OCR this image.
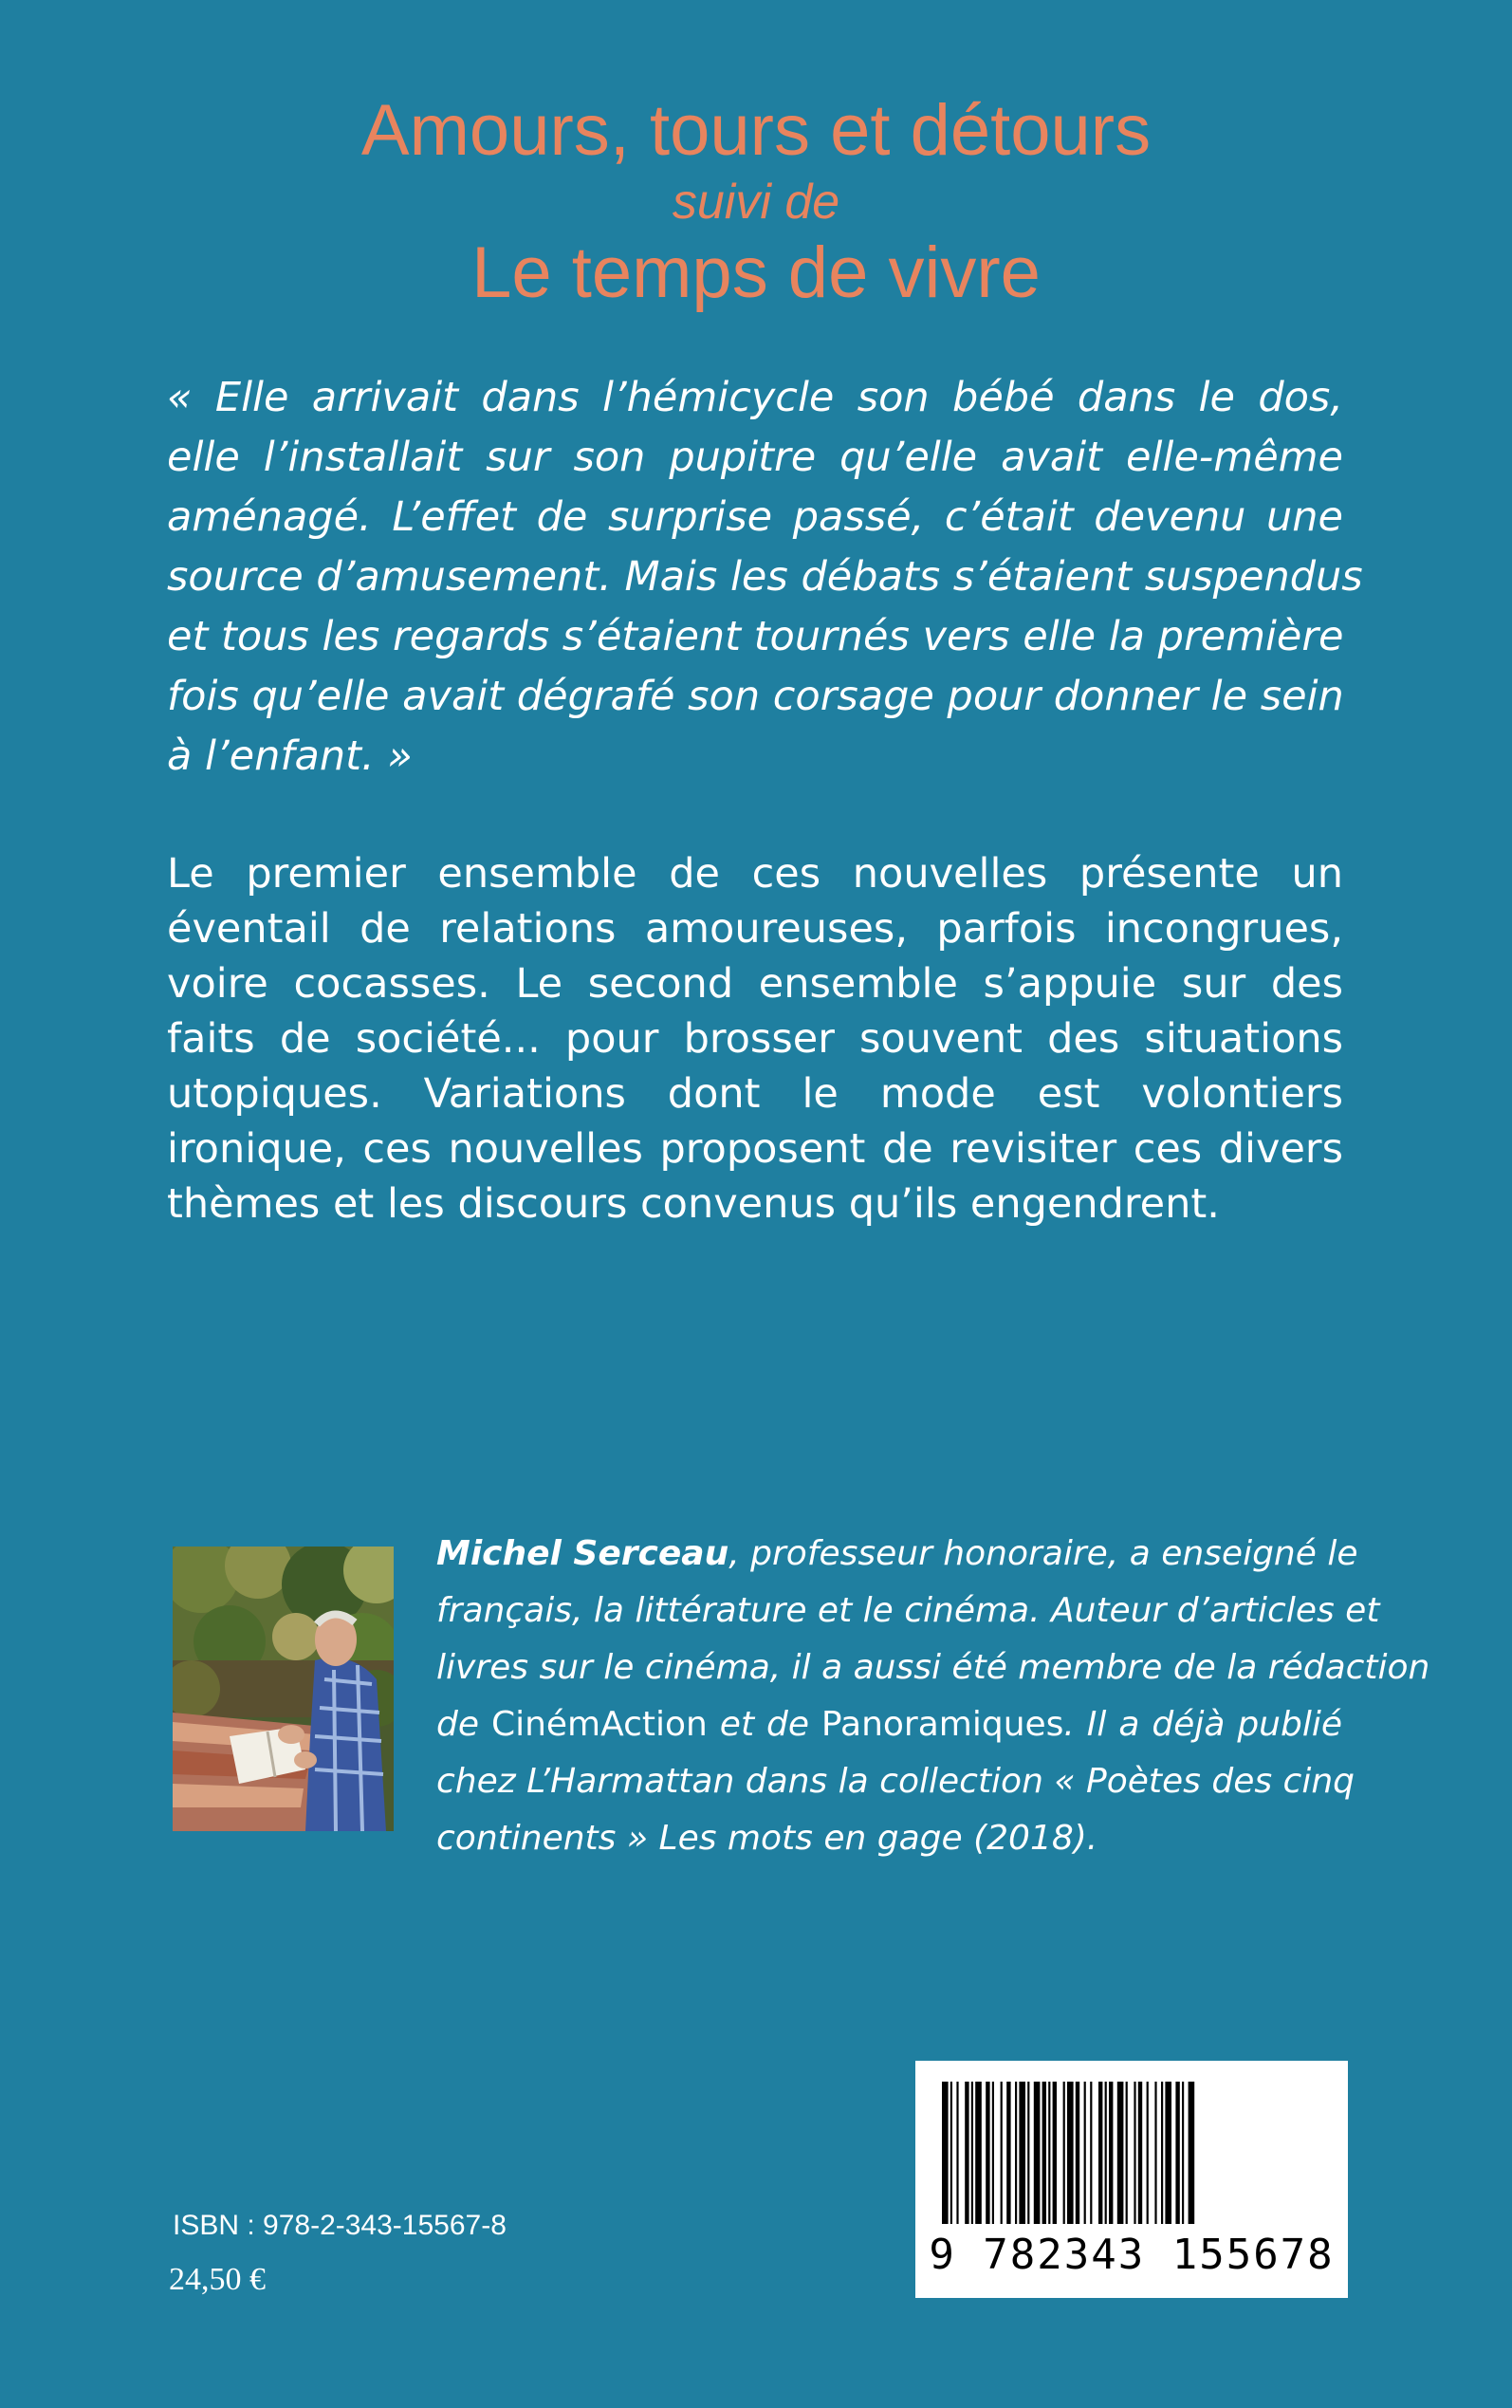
Amours, tours et détours
suivi de
Le temps de vivre
« Elle arrivait dans l’hémicycle son bébé dans le dos,
elle l’installait sur son pupitre qu’elle avait elle-même
aménagé. L’effet de surprise passé, c’était devenu une
source d’amusement. Mais les débats s’étaient suspendus
et tous les regards s’étaient tournés vers elle la première
fois qu’elle avait dégrafé son corsage pour donner le sein
à l’enfant. »
Le premier ensemble de ces nouvelles présente un
éventail de relations amoureuses, parfois incongrues,
voire cocasses. Le second ensemble s’appuie sur des
faits de société... pour brosser souvent des situations
utopiques. Variations dont le mode est volontiers
ironique, ces nouvelles proposent de revisiter ces divers
thèmes et les discours convenus qu’ils engendrent.
Michel Serceau, professeur honoraire, a enseigné le
français, la littérature et le cinéma. Auteur d’articles et
livres sur le cinéma, il a aussi été membre de la rédaction
de CinémAction et de Panoramiques. Il a déjà publié
chez L’Harmattan dans la collection « Poètes des cinq
continents » Les mots en gage (2018).
9 782343 155678
ISBN : 978-2-343-15567-8
24,50 €
